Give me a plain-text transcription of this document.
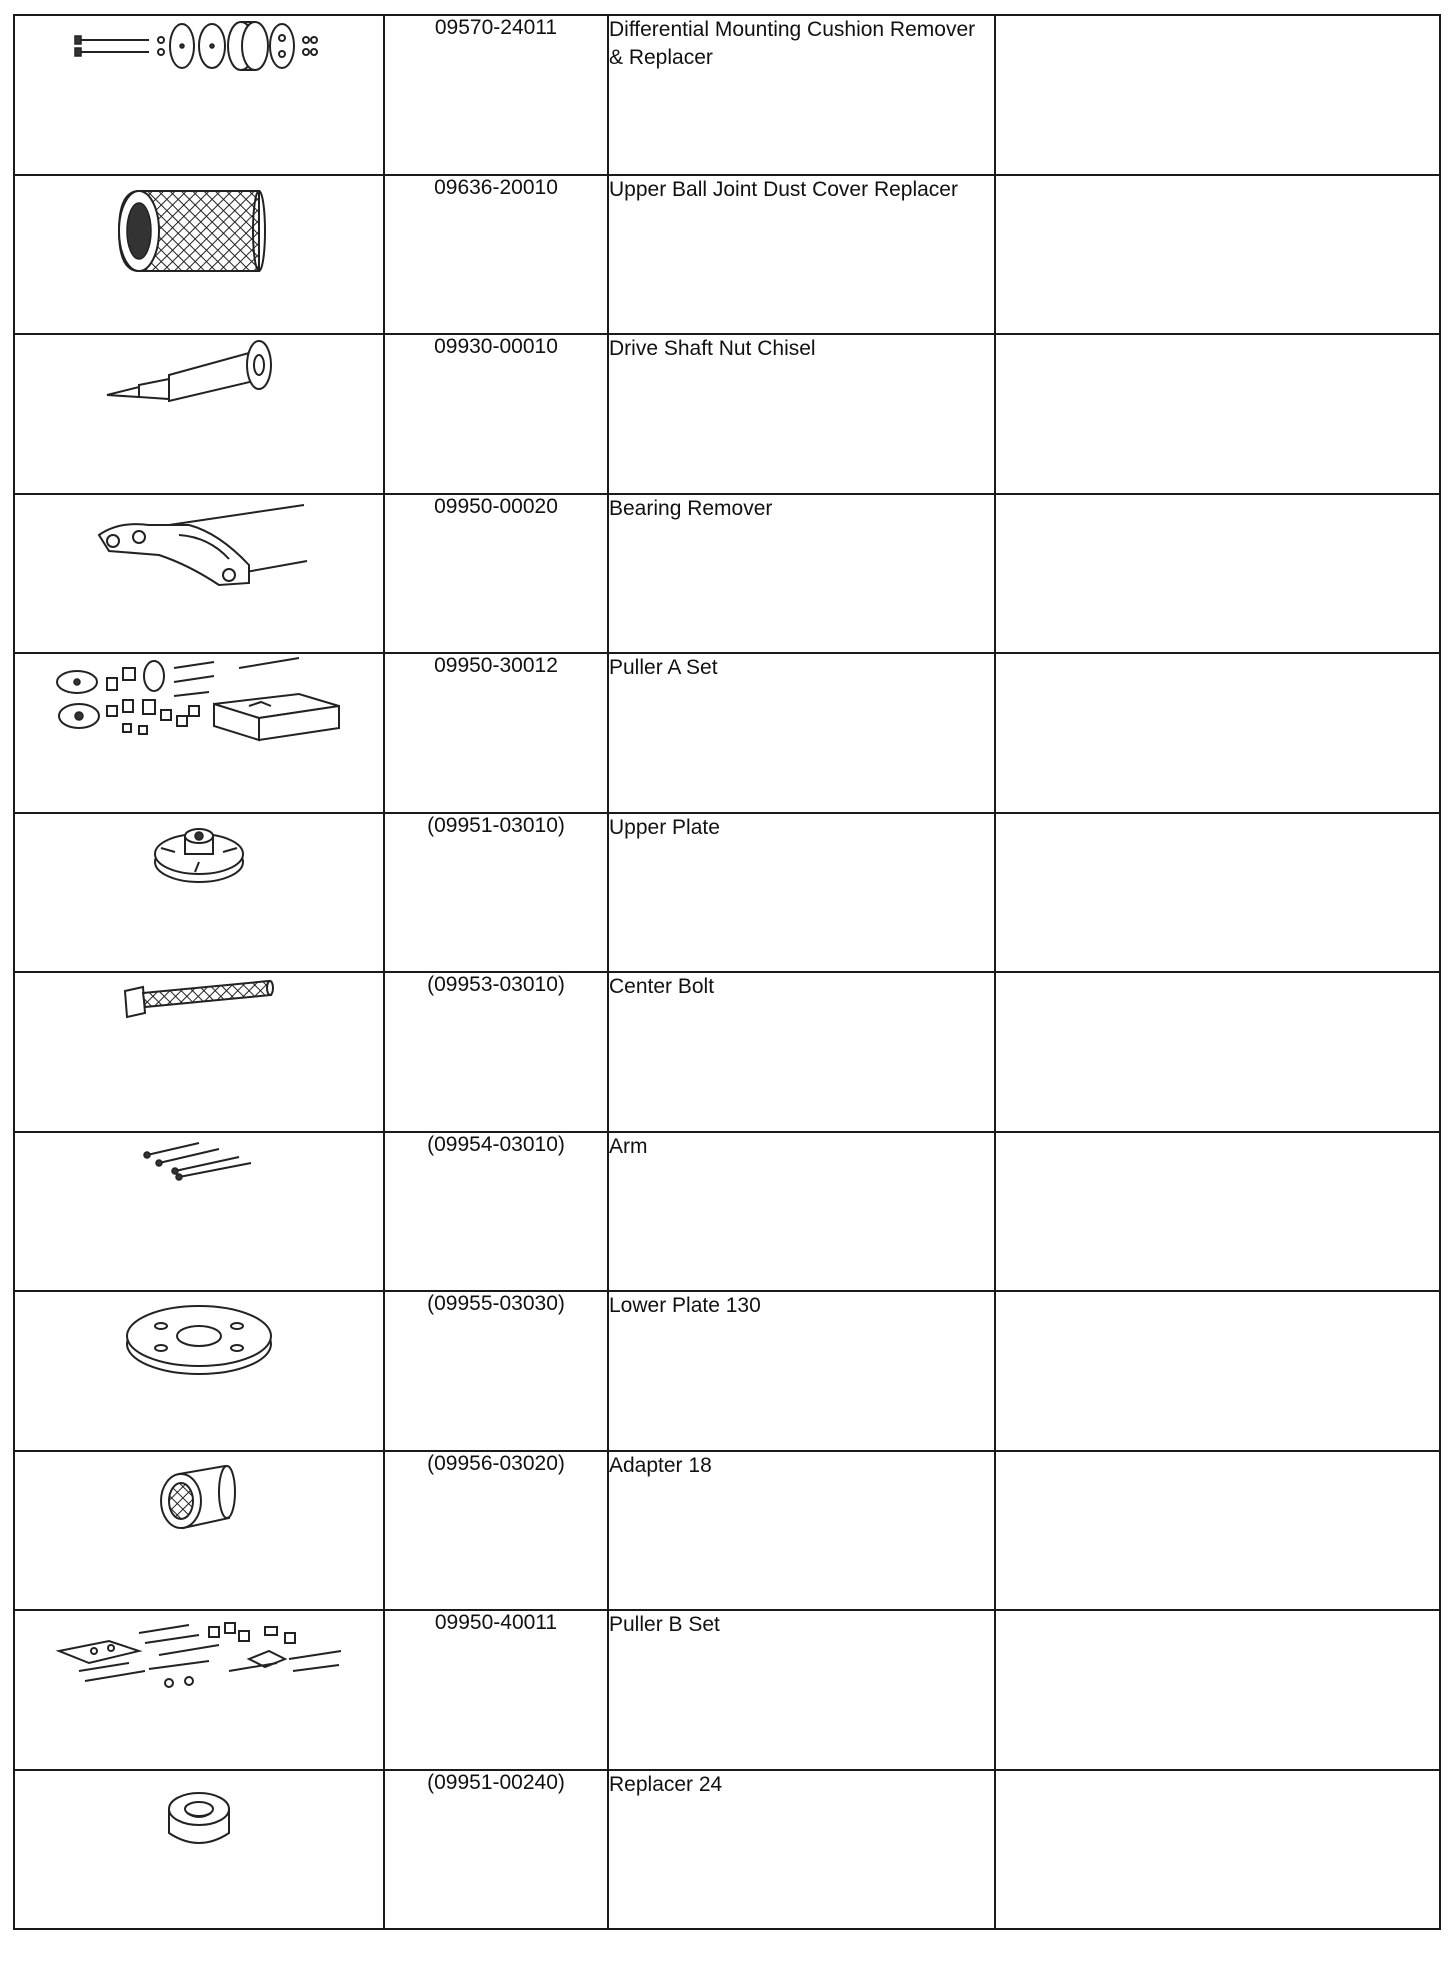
	09570-24011	Differential Mounting Cushion Remover & Replacer	

	09636-20010	Upper Ball Joint Dust Cover Replacer	

	09930-00010	Drive Shaft Nut Chisel	

	09950-00020	Bearing Remover	

	09950-30012	Puller A Set	

	(09951-03010)	Upper Plate	

	(09953-03010)	Center Bolt	

	(09954-03010)	Arm	

	(09955-03030)	Lower Plate 130	

	(09956-03020)	Adapter 18	

	09950-40011	Puller B Set	

	(09951-00240)	Replacer 24	
